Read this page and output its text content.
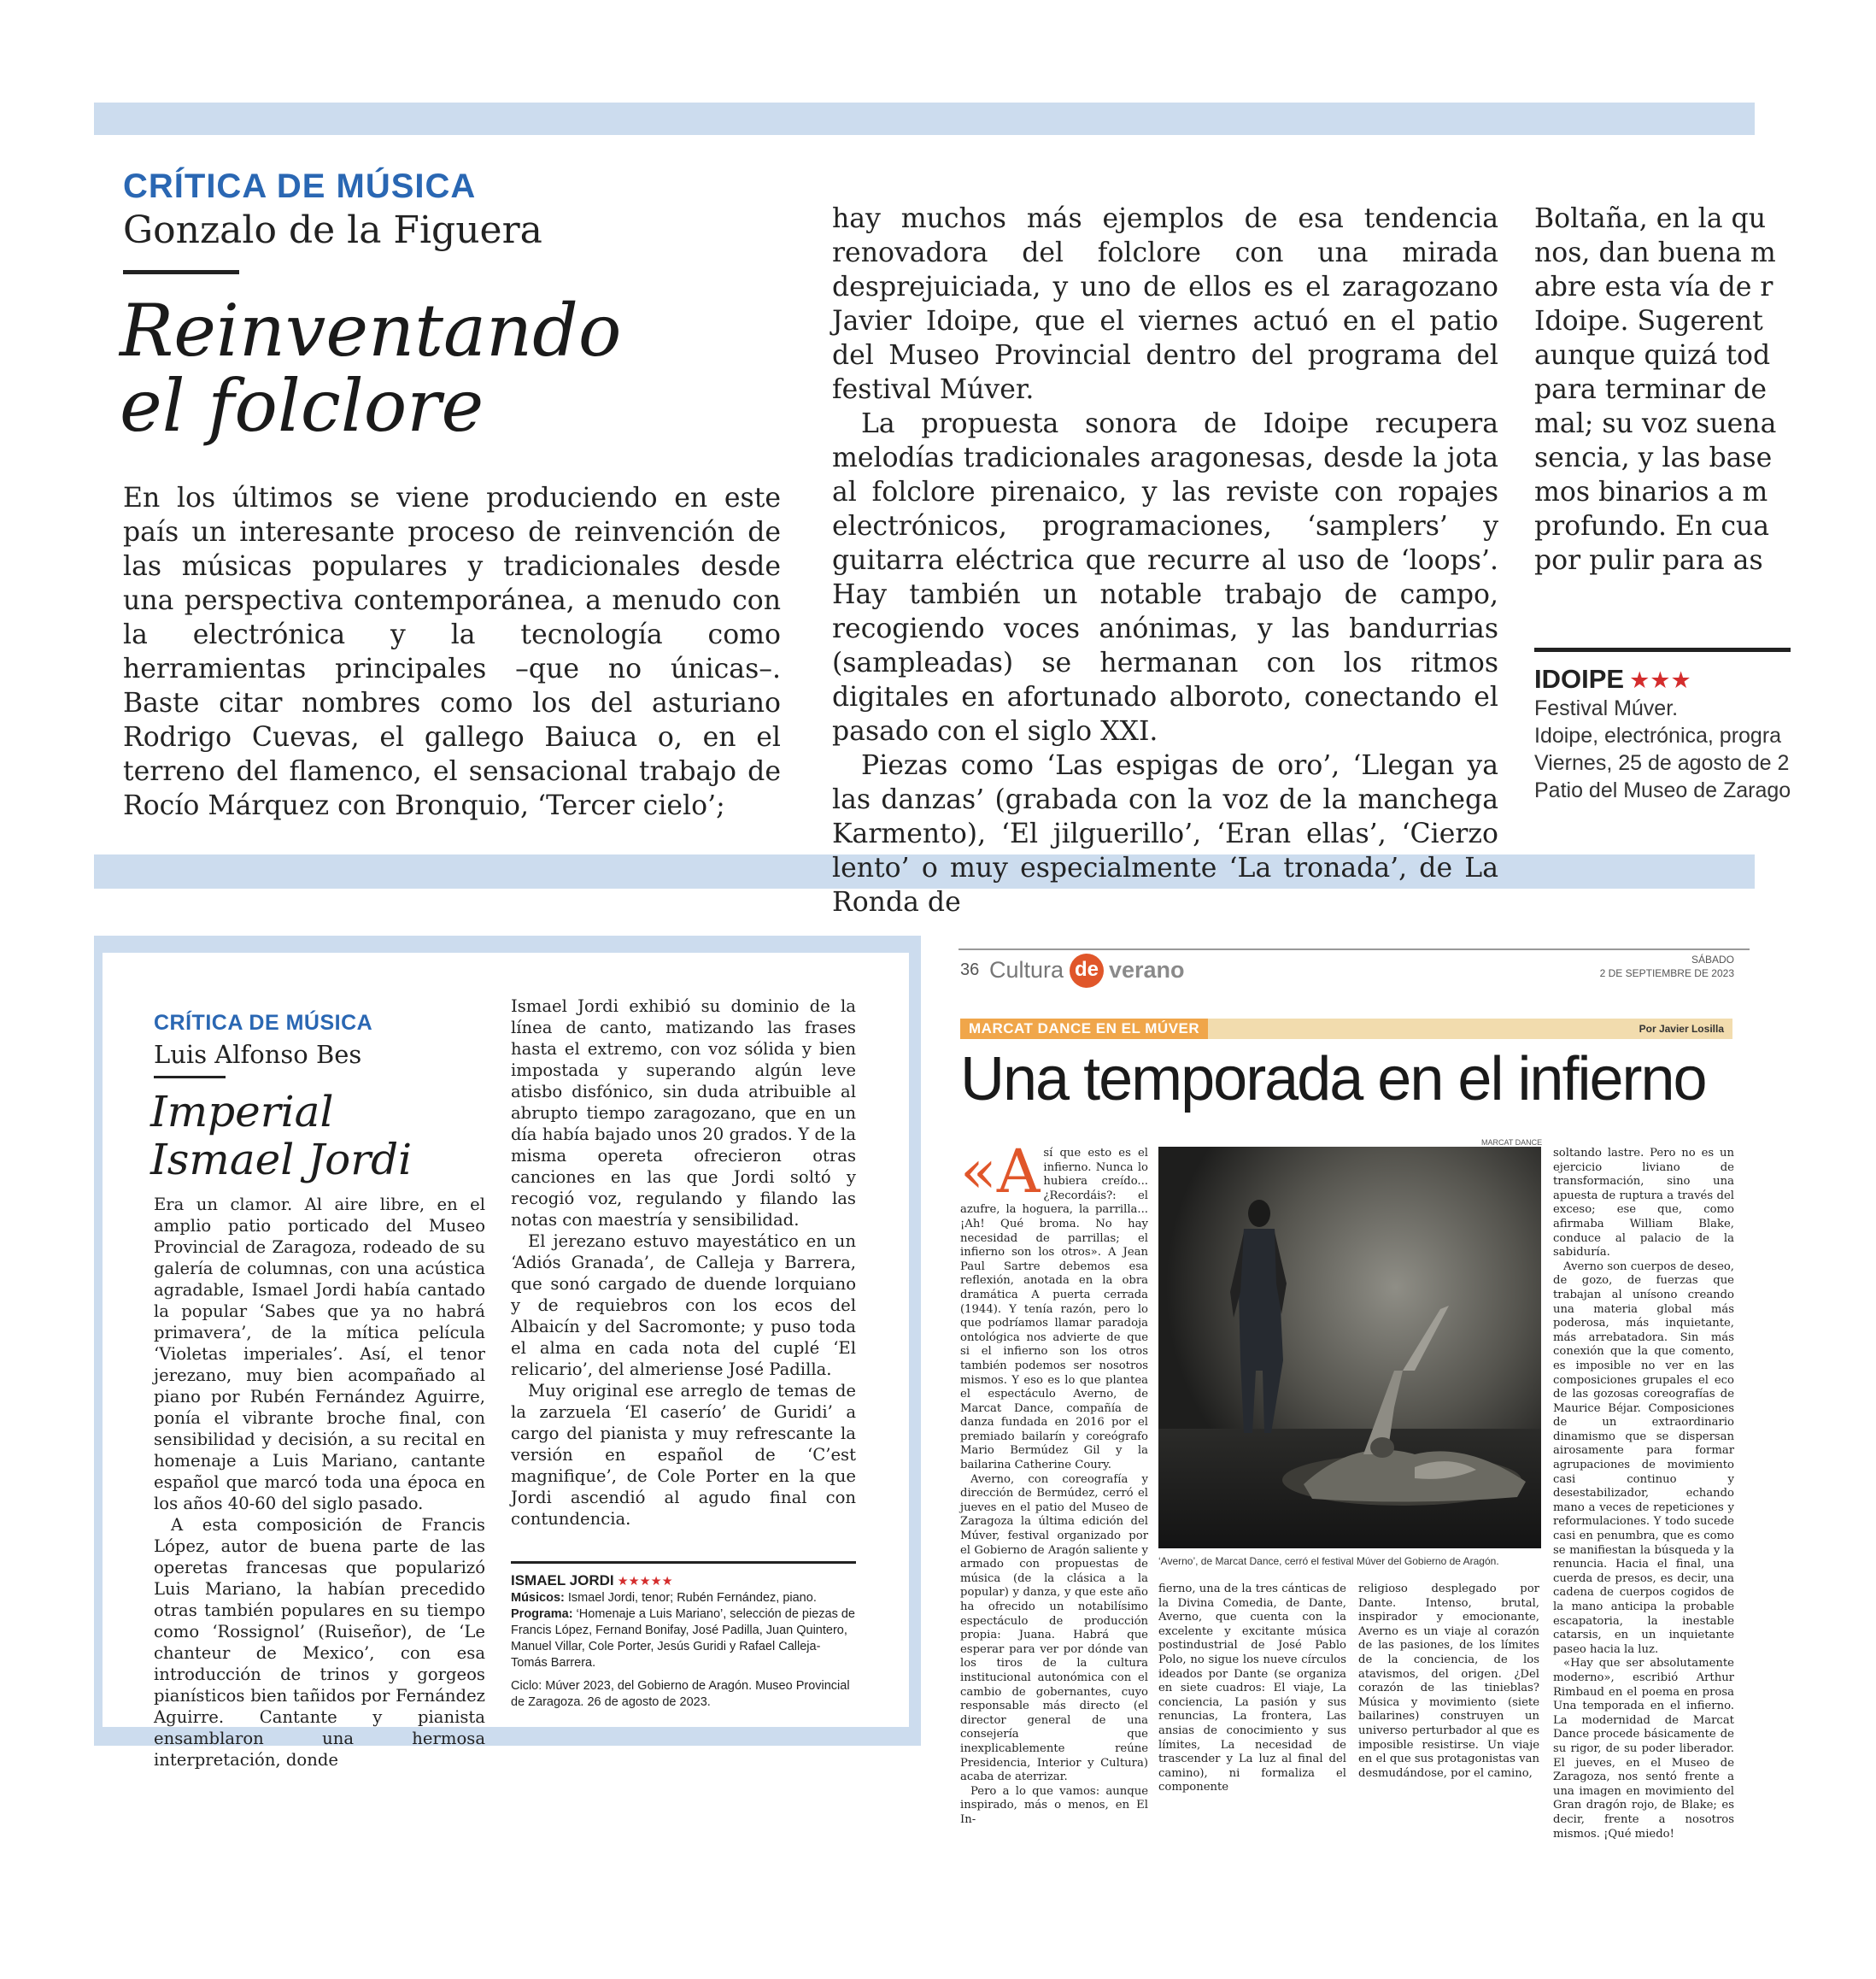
CRÍTICA DE MÚSICA
Gonzalo de la Figuera
Reinventando
el folclore

En los últimos se viene produciendo en este país un interesante proceso de reinvención de las músicas populares y tradicionales desde una perspectiva contemporánea, a menudo con la electrónica y la tecnología como herramientas principales –que no únicas–. Baste citar nombres como los del asturiano Rodrigo Cuevas, el gallego Baiuca o, en el terreno del flamenco, el sensacional trabajo de Rocío Márquez con Bronquio, ‘Tercer cielo’;

hay muchos más ejemplos de esa tendencia renovadora del folclore con una mirada desprejuiciada, y uno de ellos es el zaragozano Javier Idoipe, que el viernes actuó en el patio del Museo Provincial dentro del programa del festival Múver.

La propuesta sonora de Idoipe recupera melodías tradicionales aragonesas, desde la jota al folclore pirenaico, y las reviste con ropajes electrónicos, programaciones, ‘samplers’ y guitarra eléctrica que recurre al uso de ‘loops’. Hay también un notable trabajo de campo, recogiendo voces anónimas, y las bandurrias (sampleadas) se hermanan con los ritmos digitales en afortunado alboroto, conectando el pasado con el siglo XXI.

Piezas como ‘Las espigas de oro’, ‘Llegan ya las danzas’ (grabada con la voz de la manchega Karmento), ‘El jilguerillo’, ‘Eran ellas’, ‘Cierzo lento’ o muy especialmente ‘La tronada’, de La Ronda de

Boltaña, en la qu
nos, dan buena m
abre esta vía de r
Idoipe. Sugerent
aunque quizá tod
para terminar de
mal; su voz suena
sencia, y las base
mos binarios a m
profundo. En cua
por pulir para as
IDOIPE ★★★
Festival Múver.
Idoipe, electrónica, progra
Viernes, 25 de agosto de 2
Patio del Museo de Zarago
CRÍTICA DE MÚSICA
Luis Alfonso Bes
Imperial
Ismael Jordi

Era un clamor. Al aire libre, en el amplio patio porticado del Museo Provincial de Zaragoza, rodeado de su galería de columnas, con una acústica agradable, Ismael Jordi había cantado la popular ‘Sabes que ya no habrá primavera’, de la mítica película ‘Violetas imperiales’. Así, el tenor jerezano, muy bien acompañado al piano por Rubén Fernández Aguirre, ponía el vibrante broche final, con sensibilidad y decisión, a su recital en homenaje a Luis Mariano, cantante español que marcó toda una época en los años 40-60 del siglo pasado.

A esta composición de Francis López, autor de buena parte de las operetas francesas que popularizó Luis Mariano, la habían precedido otras también populares en su tiempo como ‘Rossignol’ (Ruiseñor), de ‘Le chanteur de Mexico’, con esa introducción de trinos y gorgeos pianísticos bien tañidos por Fernández Aguirre. Cantante y pianista ensamblaron una hermosa interpretación, donde

Ismael Jordi exhibió su dominio de la línea de canto, matizando las frases hasta el extremo, con voz sólida y bien impostada y superando algún leve atisbo disfónico, sin duda atribuible al abrupto tiempo zaragozano, que en un día había bajado unos 20 grados. Y de la misma opereta ofrecieron otras canciones en las que Jordi soltó y recogió voz, regulando y filando las notas con maestría y sensibilidad.

El jerezano estuvo mayestático en un ‘Adiós Granada’, de Calleja y Barrera, que sonó cargado de duende lorquiano y de requiebros con los ecos del Albaicín y del Sacromonte; y puso toda el alma en cada nota del cuplé ‘El relicario’, del almeriense José Padilla.

Muy original ese arreglo de temas de la zarzuela ‘El caserío’ de Guridi’ a cargo del pianista y muy refrescante la versión en español de ‘C’est magnifique’, de Cole Porter en la que Jordi ascendió al agudo final con contundencia.

ISMAEL JORDI ★★★★★
Músicos: Ismael Jordi, tenor; Rubén Fernández, piano.
Programa: ‘Homenaje a Luis Mariano’, selección de piezas de Francis López, Fernand Bonifay, José Padilla, Juan Quintero, Manuel Villar, Cole Porter, Jesús Guridi y Rafael Calleja-Tomás Barrera.
Ciclo: Múver 2023, del Gobierno de Aragón. Museo Provincial de Zaragoza. 26 de agosto de 2023.
36 Cultura de verano	SÁBADO
2 DE SEPTIEMBRE DE 2023
MARCAT DANCE EN EL MÚVER	Por Javier Losilla
Una temporada en el infierno

«Así que esto es el infierno. Nunca lo hubiera creído... ¿Recordáis?: el azufre, la hoguera, la parrilla... ¡Ah! Qué broma. No hay necesidad de parrillas; el infierno son los otros». A Jean Paul Sartre debemos esa reflexión, anotada en la obra dramática A puerta cerrada (1944). Y tenía razón, pero lo que podríamos llamar paradoja ontológica nos advierte de que si el infierno son los otros también podemos ser nosotros mismos. Y eso es lo que plantea el espectáculo Averno, de Marcat Dance, compañía de danza fundada en 2016 por el premiado bailarín y coreógrafo Mario Bermúdez Gil y la bailarina Catherine Coury.

Averno, con coreografía y dirección de Bermúdez, cerró el jueves en el patio del Museo de Zaragoza la última edición del Múver, festival organizado por el Gobierno de Aragón saliente y armado con propuestas de música (de la clásica a la popular) y danza, y que este año ha ofrecido un notabilísimo espectáculo de producción propia: Juana. Habrá que esperar para ver por dónde van los tiros de la cultura institucional autonómica con el cambio de gobernantes, cuyo responsable más directo (el director general de una consejería que inexplicablemente reúne Presidencia, Interior y Cultura) acaba de aterrizar.

Pero a lo que vamos: aunque inspirado, más o menos, en El In-

MARCAT DANCE
‘Averno’, de Marcat Dance, cerró el festival Múver del Gobierno de Aragón.

fierno, una de la tres cánticas de la Divina Comedia, de Dante, Averno, que cuenta con la excelente y excitante música postindustrial de José Pablo Polo, no sigue los nueve círculos ideados por Dante (se organiza en siete cuadros: El viaje, La conciencia, La pasión y sus renuncias, La frontera, Las ansias de conocimiento y sus límites, La necesidad de trascender y La luz al final del camino), ni formaliza el componente

religioso desplegado por Dante. Intenso, brutal, inspirador y emocionante, Averno es un viaje al corazón de las pasiones, de los límites de la conciencia, de los atavismos, del origen. ¿Del corazón de las tinieblas? Música y movimiento (siete bailarines) construyen un universo perturbador al que es imposible resistirse. Un viaje en el que sus protagonistas van desmudándose, por el camino,

soltando lastre. Pero no es un ejercicio liviano de transformación, sino una apuesta de ruptura a través del exceso; ese que, como afirmaba William Blake, conduce al palacio de la sabiduría.

Averno son cuerpos de deseo, de gozo, de fuerzas que trabajan al unísono creando una materia global más poderosa, más inquietante, más arrebatadora. Sin más conexión que la que comento, es imposible no ver en las composiciones grupales el eco de las gozosas coreografías de Maurice Béjar. Composiciones de un extraordinario dinamismo que se dispersan airosamente para formar agrupaciones de movimiento casi continuo y desestabilizador, echando mano a veces de repeticiones y reformulaciones. Y todo sucede casi en penumbra, que es como se manifiestan la búsqueda y la renuncia. Hacia el final, una cuerda de presos, es decir, una cadena de cuerpos cogidos de la mano anticipa la probable escapatoria, la inestable catarsis, en un inquietante paseo hacia la luz.

«Hay que ser absolutamente moderno», escribió Arthur Rimbaud en el poema en prosa Una temporada en el infierno. La modernidad de Marcat Dance procede básicamente de su rigor, de su poder liberador. El jueves, en el Museo de Zaragoza, nos sentó frente a una imagen en movimiento del Gran dragón rojo, de Blake; es decir, frente a nosotros mismos. ¡Qué miedo!
